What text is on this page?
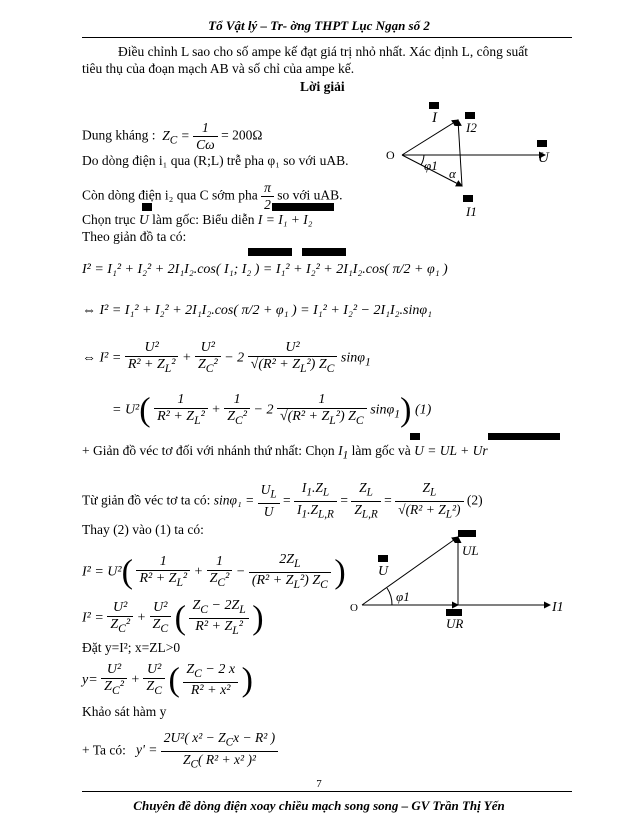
Tổ Vật lý – Tr- ờng THPT Lục Ngạn số 2
Điều chỉnh L sao cho số ampe kế đạt giá trị nhỏ nhất. Xác định L, công suất
tiêu thụ của đoạn mạch AB và số chỉ của ampe kế.
Lời giải
Dung kháng :  $Z_C = \frac{1}{C\omega} = 200\Omega$
Do dòng điện i₁ qua (R;L) trễ pha φ₁ so với uAB.
Còn dòng điện i₂ qua C sớm pha $\frac{\pi}{2}$ so với uAB.
Chọn trục U làm gốc: Biểu diễn I = I₁ + I₂
Theo giản đồ ta có:
I² = I₁² + I₂² + 2I₁I₂.cos( I₁; I₂ ) = I₁² + I₂² + 2I₁I₂.cos( π/2 + φ₁ )
⇔ I² = I₁² + I₂² + 2I₁I₂.cos( π/2 + φ₁ ) = I₁² + I₂² − 2I₁I₂.sinφ₁
⇔ $I^2 = \frac{\text{U²}}{R^2 + Z_L^2} + \frac{\text{U²}}{Z_C^2} - 2 \frac{\text{U²}}{√(R^2 + Z_L^2) Z_C} \sin\varphi_1$
= $U^2( \frac{1}{R^2 + Z_L^2} + \frac{1}{Z_C^2} - 2 \frac{1}{√(R^2 + Z_L^2) Z_C} \sin\varphi_1)$ (1)
+ Giản đồ véc tơ đối với nhánh thứ nhất: Chọn $I_1$ làm gốc và U = UL + Ur
Từ giản đồ véc tơ ta có: $\sin\varphi_1 = \frac{U_L}{U} = \frac{I_1.Z_L}{I_1.Z_{L,R}} = \frac{Z_L}{Z_{L,R}} = \frac{Z_L}{√(R^2 + Z_L^2)} (2)$
Thay (2) vào (1) ta có:
$I^2 = U^2( \frac{1}{R^2 + Z_L^2} + \frac{1}{Z_C^2} - \frac{2Z_L}{(R^2 + Z_L^2) Z_C}$ )
$I^2 = \frac{\text{U²}}{Z_C^2} + \frac{\text{U²}}{Z_C}$ ( $\frac{Z_C - 2Z_L}{R^2 + Z_L^2}$ )
Đặt y=I²; x=ZL>0
$y= \frac{\text{U²}}{Z_C^2} + \frac{\text{U²}}{Z_C}$ ( $\frac{Z_C - 2 x}{\text{R² + x²}}$ )
Khảo sát hàm y
+ Ta có:   $y' = \frac{2U^2( x^2 - Z_Cx - R^2 )}{Z_C( R^2 + x^2 )^2}$
I
I2
I1
U
O
φ1
α
UL
U
UR
I1
O
φ1
7
Chuyên đề dòng điện xoay chiều mạch song song – GV Trần Thị Yến
